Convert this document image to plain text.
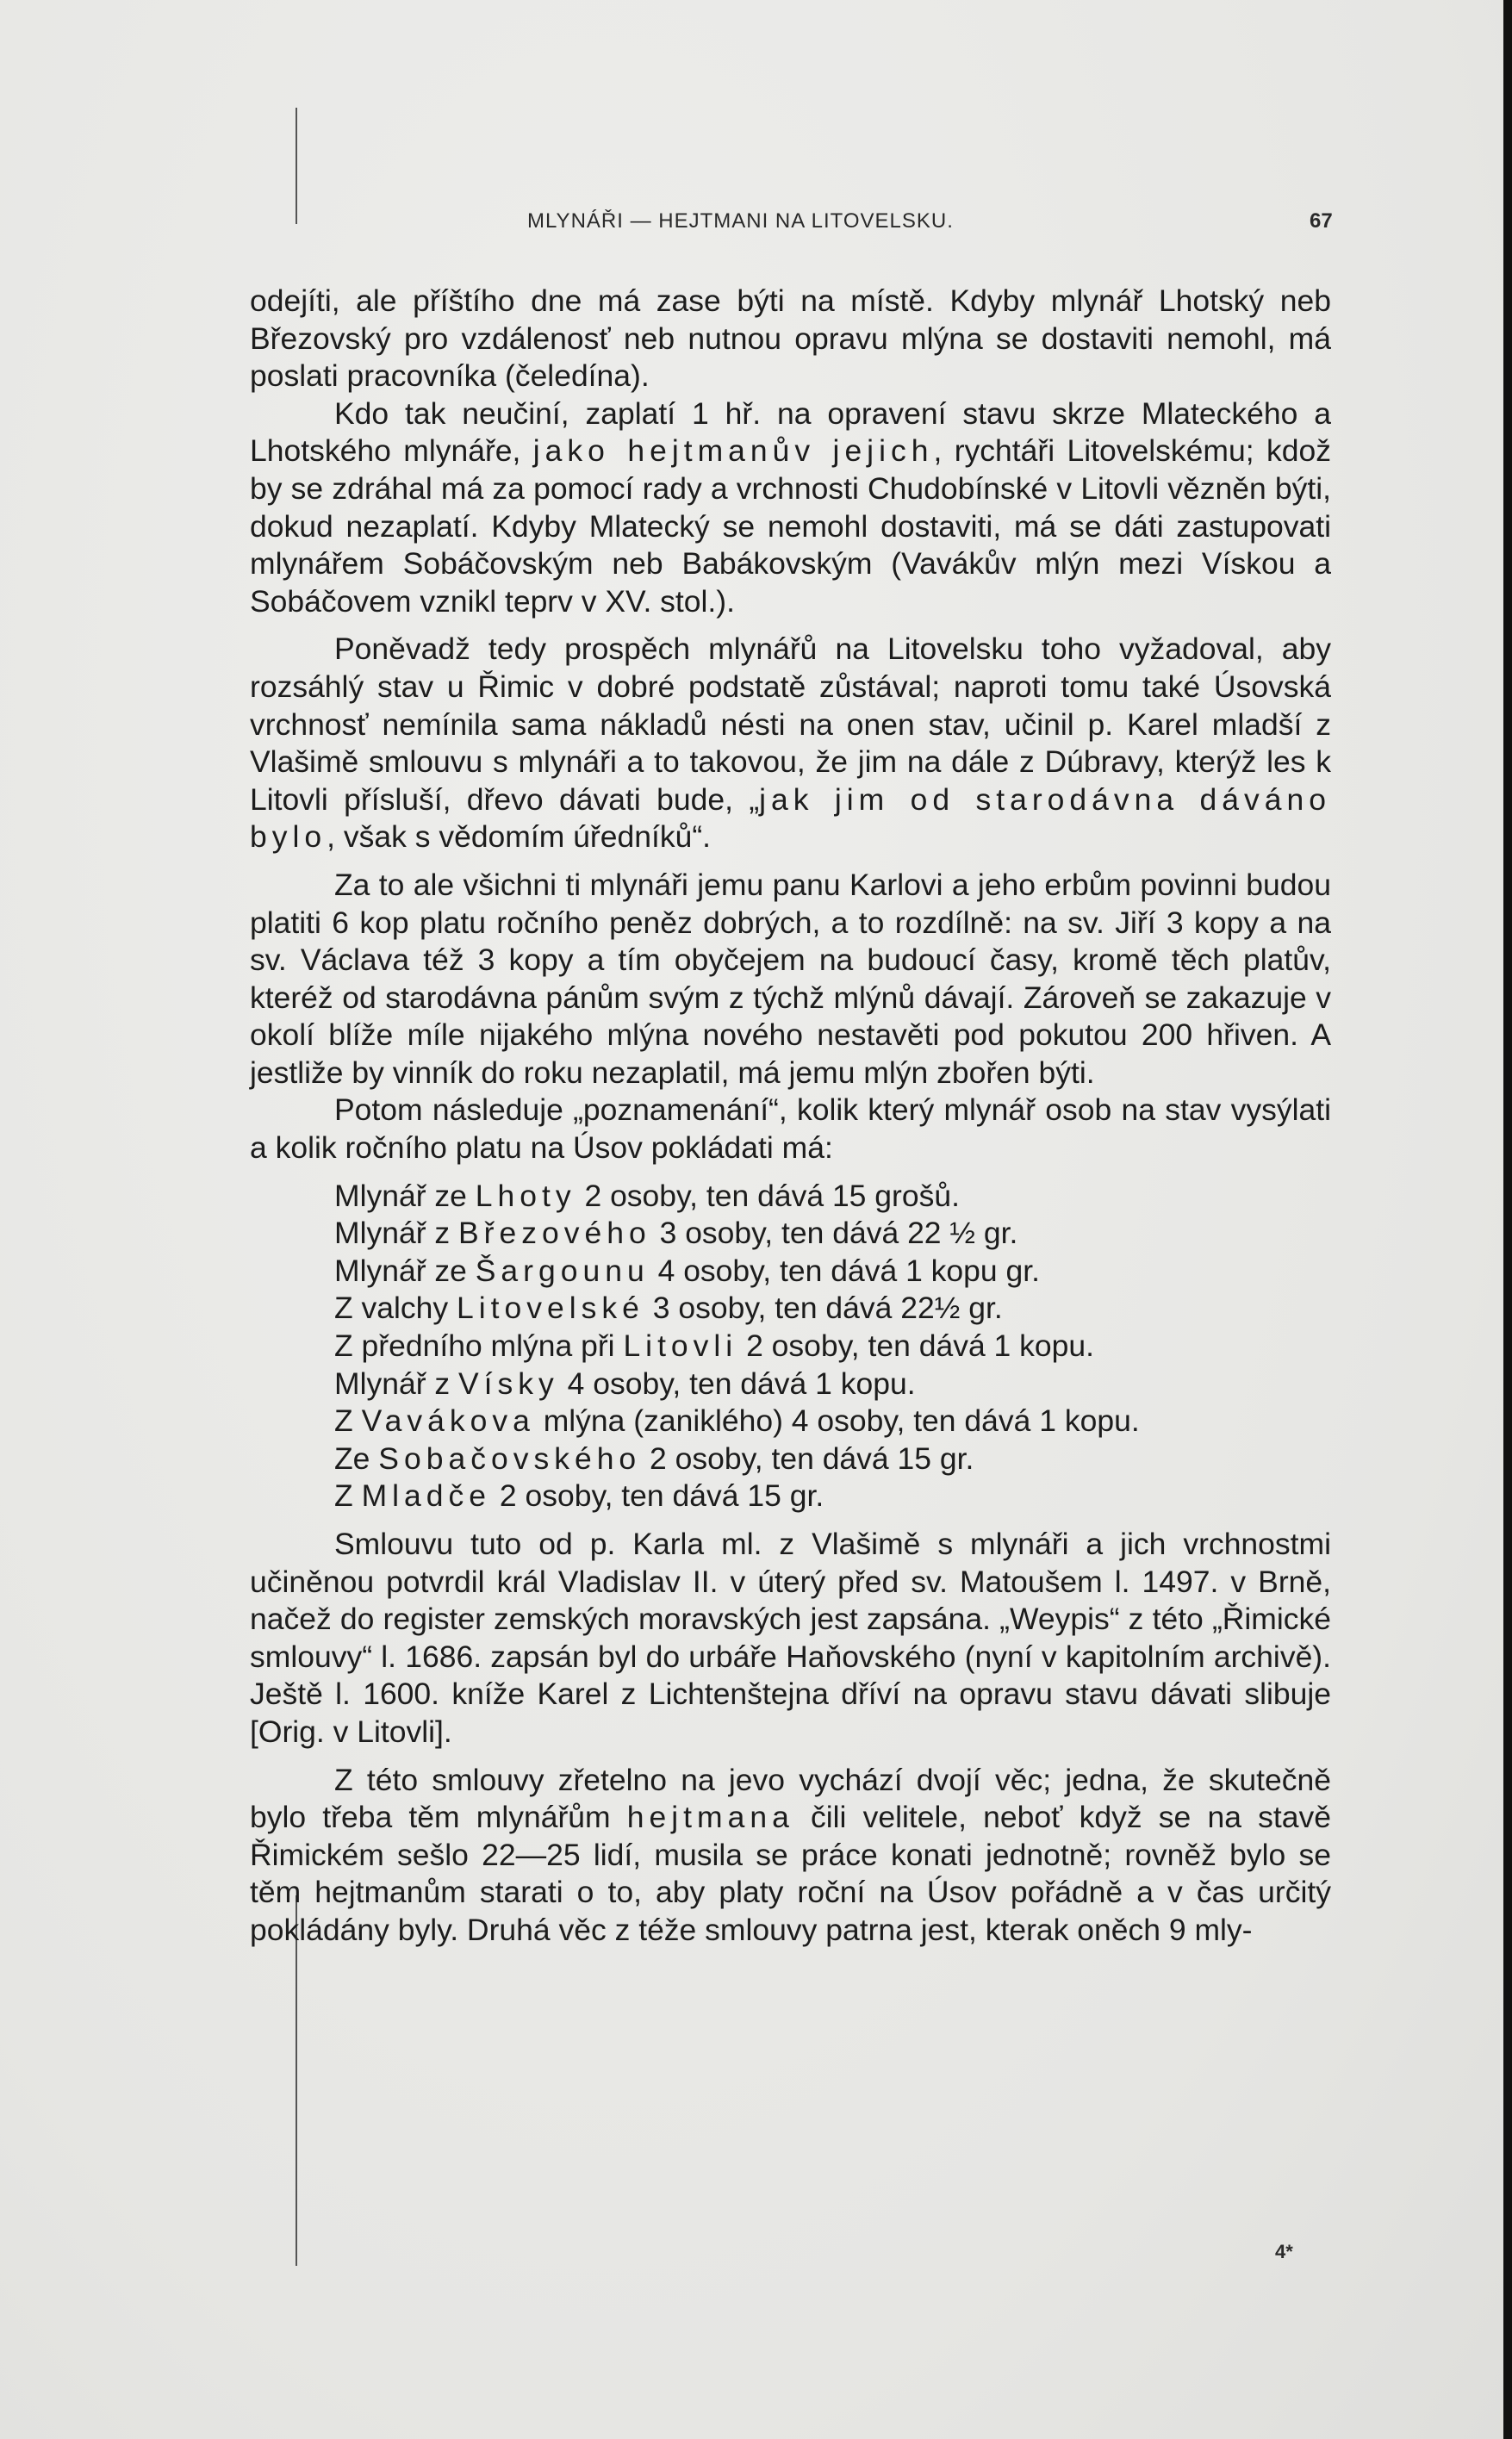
MLYNÁŘI — HEJTMANI NA LITOVELSKU.	67

odejíti, ale příštího dne má zase býti na místě. Kdyby mlynář Lhotský neb Březovský pro vzdálenosť neb nutnou opravu mlýna se dostaviti nemohl, má poslati pracovníka (čeledína).

Kdo tak neučiní, zaplatí 1 hř. na opravení stavu skrze Mlateckého a Lhotského mlynáře, jako hejtmanův jejich, rychtáři Litovelskému; kdož by se zdráhal má za pomocí rady a vrchnosti Chudobínské v Litovli vězněn býti, dokud nezaplatí. Kdyby Mlatecký se nemohl dostaviti, má se dáti zastupovati mlynářem Sobáčovským neb Babákovským (Vavákův mlýn mezi Vískou a Sobáčovem vznikl teprv v XV. stol.).

Poněvadž tedy prospěch mlynářů na Litovelsku toho vyžadoval, aby rozsáhlý stav u Řimic v dobré podstatě zůstával; naproti tomu také Úsovská vrchnosť nemínila sama nákladů nésti na onen stav, učinil p. Karel mladší z Vlašimě smlouvu s mlynáři a to takovou, že jim na dále z Dúbravy, kterýž les k Litovli přísluší, dřevo dávati bude, „jak jim od starodávna dáváno bylo, však s vědomím úředníků“.

Za to ale všichni ti mlynáři jemu panu Karlovi a jeho erbům povinni budou platiti 6 kop platu ročního peněz dobrých, a to rozdílně: na sv. Jiří 3 kopy a na sv. Václava též 3 kopy a tím obyčejem na budoucí časy, kromě těch platův, kteréž od starodávna pánům svým z týchž mlýnů dávají. Zároveň se zakazuje v okolí blíže míle nijakého mlýna nového nestavěti pod pokutou 200 hřiven. A jestliže by vinník do roku nezaplatil, má jemu mlýn zbořen býti.

Potom následuje „poznamenání“, kolik který mlynář osob na stav vysýlati a kolik ročního platu na Úsov pokládati má:

Mlynář ze Lhoty 2 osoby, ten dává 15 grošů.
Mlynář z Březového 3 osoby, ten dává 22 ½ gr.
Mlynář ze Šargounu 4 osoby, ten dává 1 kopu gr.
Z valchy Litovelské 3 osoby, ten dává 22½ gr.
Z předního mlýna při Litovli 2 osoby, ten dává 1 kopu.
Mlynář z Vísky 4 osoby, ten dává 1 kopu.
Z Vavákova mlýna (zaniklého) 4 osoby, ten dává 1 kopu.
Ze Sobačovského 2 osoby, ten dává 15 gr.
Z Mladče 2 osoby, ten dává 15 gr.

Smlouvu tuto od p. Karla ml. z Vlašimě s mlynáři a jich vrchnostmi učiněnou potvrdil král Vladislav II. v úterý před sv. Matoušem l. 1497. v Brně, načež do register zemských moravských jest zapsána. „Weypis“ z této „Řimické smlouvy“ l. 1686. zapsán byl do urbáře Haňovského (nyní v kapitolním archivě). Ještě l. 1600. kníže Karel z Lichtenštejna dříví na opravu stavu dávati slibuje [Orig. v Litovli].

Z této smlouvy zřetelno na jevo vychází dvojí věc; jedna, že skutečně bylo třeba těm mlynářům hejtmana čili velitele, neboť když se na stavě Řimickém sešlo 22—25 lidí, musila se práce konati jednotně; rovněž bylo se těm hejtmanům starati o to, aby platy roční na Úsov pořádně a v čas určitý pokládány byly. Druhá věc z téže smlouvy patrna jest, kterak oněch 9 mly-

4*
